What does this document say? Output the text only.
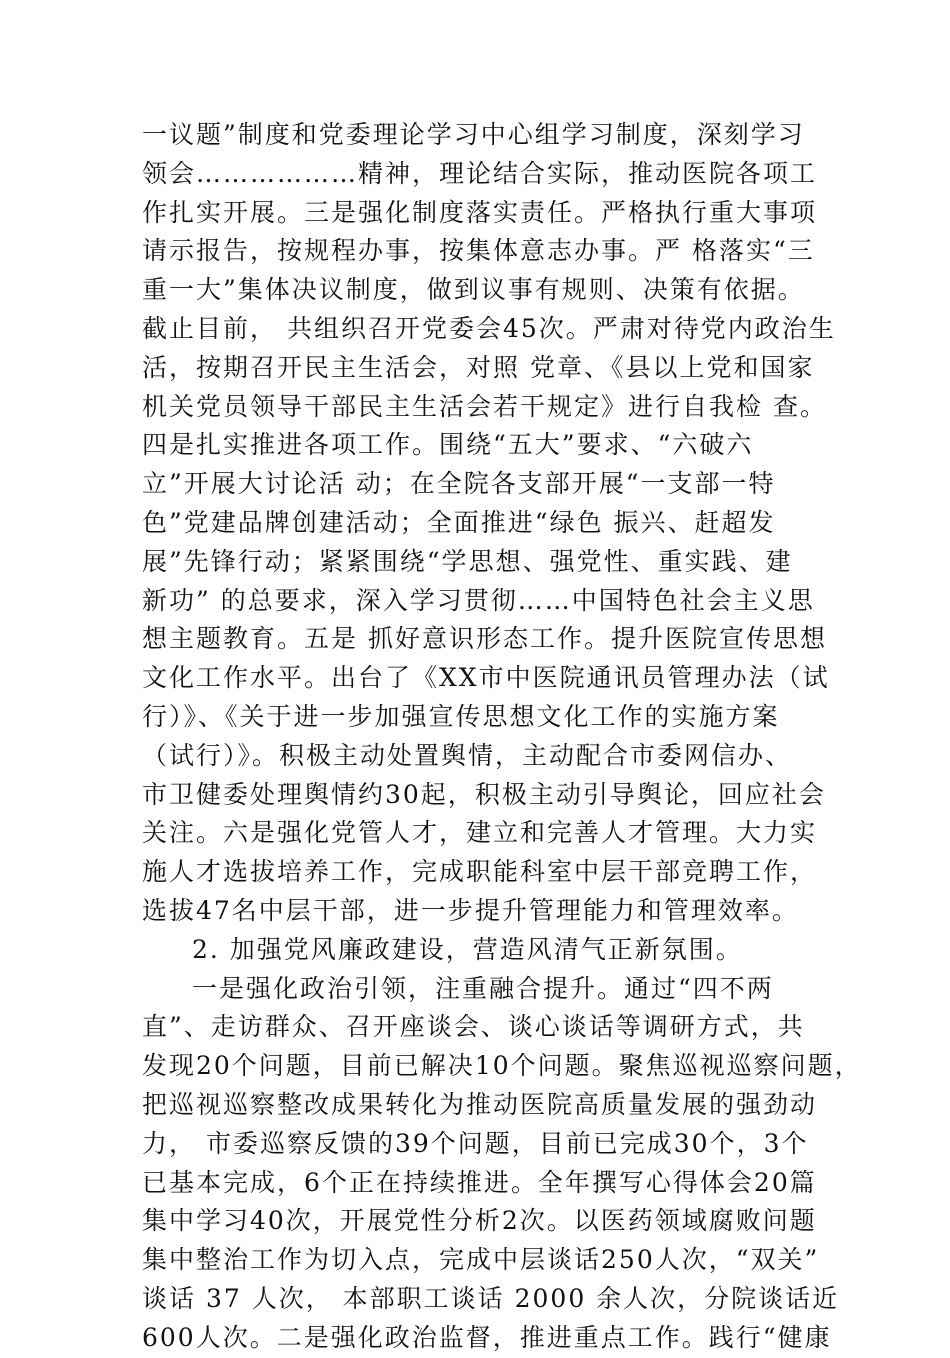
一议题”制度和党委理论学习中心组学习制度，深刻学习
领会………………精神，理论结合实际，推动医院各项工
作扎实开展。三是强化制度落实责任。严格执行重大事项
请示报告，按规程办事，按集体意志办事。严 格落实“三
重一大”集体决议制度，做到议事有规则、决策有依据。
截止目前， 共组织召开党委会45次。严肃对待党内政治生
活，按期召开民主生活会，对照 党章、《县以上党和国家
机关党员领导干部民主生活会若干规定》进行自我检 查。
四是扎实推进各项工作。围绕“五大”要求、“六破六
立”开展大讨论活 动；在全院各支部开展“一支部一特
色”党建品牌创建活动；全面推进“绿色 振兴、赶超发
展”先锋行动；紧紧围绕“学思想、强党性、重实践、建
新功” 的总要求，深入学习贯彻……中国特色社会主义思
想主题教育。五是 抓好意识形态工作。提升医院宣传思想
文化工作水平。出台了《XX市中医院通讯员管理办法（试
行）》、《关于进一步加强宣传思想文化工作的实施方案
（试行）》。积极主动处置舆情，主动配合市委网信办、
市卫健委处理舆情约30起，积极主动引导舆论，回应社会
关注。六是强化党管人才，建立和完善人才管理。大力实
施人才选拔培养工作，完成职能科室中层干部竞聘工作，
选拔47名中层干部，进一步提升管理能力和管理效率。
2. 加强党风廉政建设，营造风清气正新氛围。
一是强化政治引领，注重融合提升。通过“四不两
直”、走访群众、召开座谈会、谈心谈话等调研方式，共
发现20个问题，目前已解决10个问题。聚焦巡视巡察问题，
把巡视巡察整改成果转化为推动医院高质量发展的强劲动
力， 市委巡察反馈的39个问题，目前已完成30个，3个
已基本完成，6个正在持续推进。全年撰写心得体会20篇
集中学习40次，开展党性分析2次。以医药领域腐败问题
集中整治工作为切入点，完成中层谈话250人次，“双关”
谈话 37 人次， 本部职工谈话 2000 余人次，分院谈话近
600人次。二是强化政治监督，推进重点工作。践行“健康
